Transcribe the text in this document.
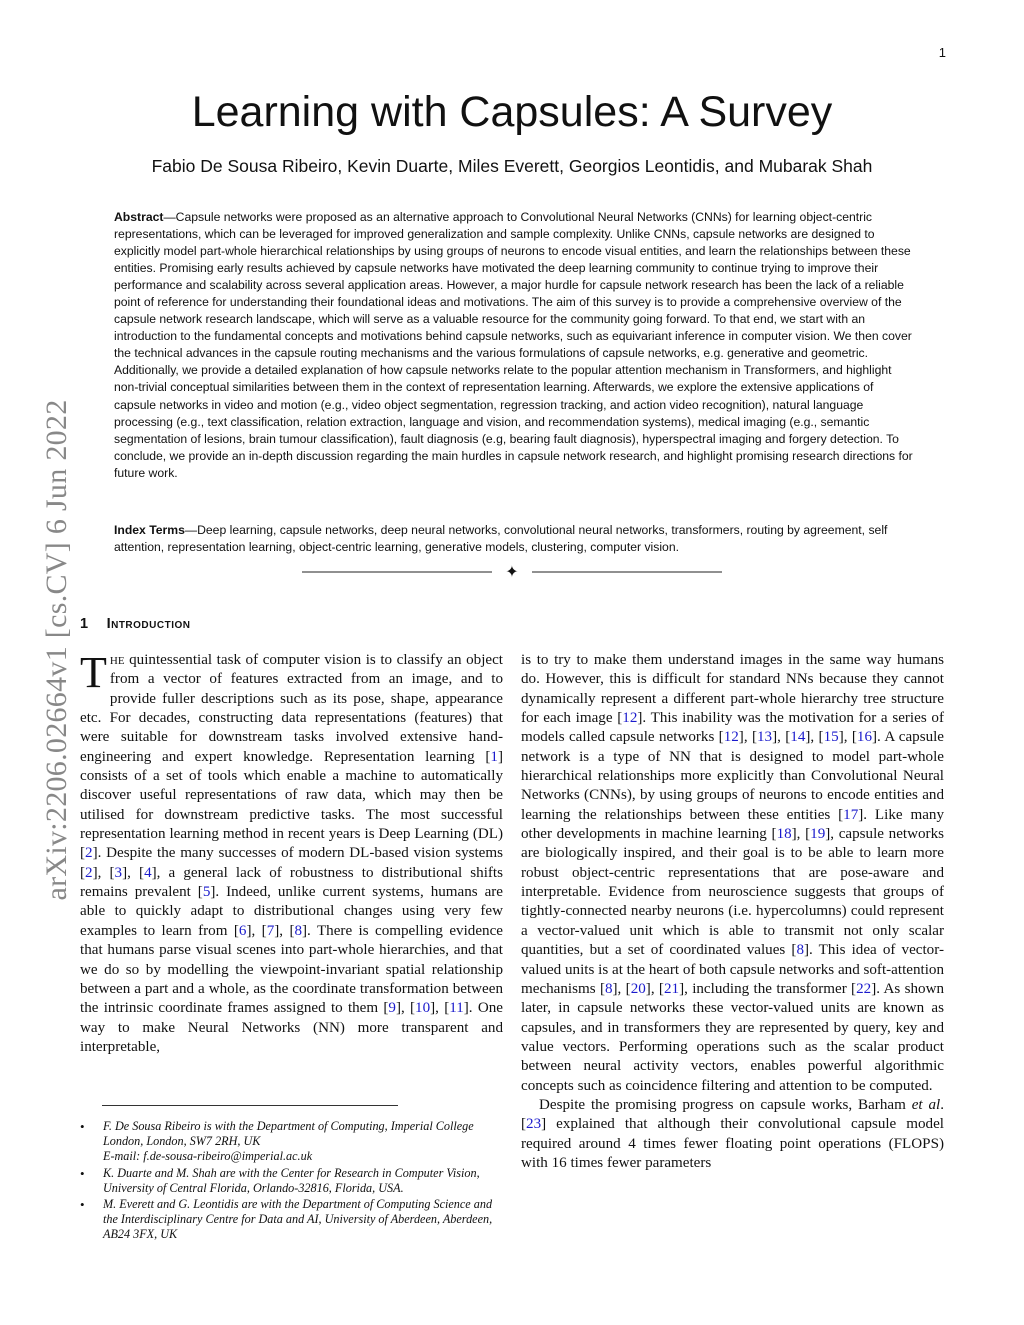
1
arXiv:2206.02664v1 [cs.CV] 6 Jun 2022
Learning with Capsules: A Survey
Fabio De Sousa Ribeiro, Kevin Duarte, Miles Everett, Georgios Leontidis, and Mubarak Shah

Abstract—Capsule networks were proposed as an alternative approach to Convolutional Neural Networks (CNNs) for learning object-centric representations, which can be leveraged for improved generalization and sample complexity. Unlike CNNs, capsule networks are designed to explicitly model part-whole hierarchical relationships by using groups of neurons to encode visual entities, and learn the relationships between these entities. Promising early results achieved by capsule networks have motivated the deep learning community to continue trying to improve their performance and scalability across several application areas. However, a major hurdle for capsule network research has been the lack of a reliable point of reference for understanding their foundational ideas and motivations. The aim of this survey is to provide a comprehensive overview of the capsule network research landscape, which will serve as a valuable resource for the community going forward. To that end, we start with an introduction to the fundamental concepts and motivations behind capsule networks, such as equivariant inference in computer vision. We then cover the technical advances in the capsule routing mechanisms and the various formulations of capsule networks, e.g. generative and geometric. Additionally, we provide a detailed explanation of how capsule networks relate to the popular attention mechanism in Transformers, and highlight non-trivial conceptual similarities between them in the context of representation learning. Afterwards, we explore the extensive applications of capsule networks in video and motion (e.g., video object segmentation, regression tracking, and action video recognition), natural language processing (e.g., text classification, relation extraction, language and vision, and recommendation systems), medical imaging (e.g., semantic segmentation of lesions, brain tumour classification), fault diagnosis (e.g, bearing fault diagnosis), hyperspectral imaging and forgery detection. To conclude, we provide an in-depth discussion regarding the main hurdles in capsule network research, and highlight promising research directions for future work.

Index Terms—Deep learning, capsule networks, deep neural networks, convolutional neural networks, transformers, routing by agreement, self attention, representation learning, object-centric learning, generative models, clustering, computer vision.

✦
1 Introduction

The quintessential task of computer vision is to classify an object from a vector of features extracted from an image, and to provide fuller descriptions such as its pose, shape, appearance etc. For decades, constructing data representations (features) that were suitable for downstream tasks involved extensive hand-engineering and expert knowledge. Representation learning [1] consists of a set of tools which enable a machine to automatically discover useful representations of raw data, which may then be utilised for downstream predictive tasks. The most successful representation learning method in recent years is Deep Learning (DL) [2]. Despite the many successes of modern DL-based vision systems [2], [3], [4], a general lack of robustness to distributional shifts remains prevalent [5]. Indeed, unlike current systems, humans are able to quickly adapt to distributional changes using very few examples to learn from [6], [7], [8]. There is compelling evidence that humans parse visual scenes into part-whole hierarchies, and that we do so by modelling the viewpoint-invariant spatial relationship between a part and a whole, as the coordinate transformation between the intrinsic coordinate frames assigned to them [9], [10], [11]. One way to make Neural Networks (NN) more transparent and interpretable,

is to try to make them understand images in the same way humans do. However, this is difficult for standard NNs because they cannot dynamically represent a different part-whole hierarchy tree structure for each image [12]. This inability was the motivation for a series of models called capsule networks [12], [13], [14], [15], [16]. A capsule network is a type of NN that is designed to model part-whole hierarchical relationships more explicitly than Convolutional Neural Networks (CNNs), by using groups of neurons to encode entities and learning the relationships between these entities [17]. Like many other developments in machine learning [18], [19], capsule networks are biologically inspired, and their goal is to be able to learn more robust object-centric representations that are pose-aware and interpretable. Evidence from neuroscience suggests that groups of tightly-connected nearby neurons (i.e. hypercolumns) could represent a vector-valued unit which is able to transmit not only scalar quantities, but a set of coordinated values [8]. This idea of vector-valued units is at the heart of both capsule networks and soft-attention mechanisms [8], [20], [21], including the transformer [22]. As shown later, in capsule networks these vector-valued units are known as capsules, and in transformers they are represented by query, key and value vectors. Performing operations such as the scalar product between neural activity vectors, enables powerful algorithmic concepts such as coincidence filtering and attention to be computed.

Despite the promising progress on capsule works, Barham et al. [23] explained that although their convolutional capsule model required around 4 times fewer floating point operations (FLOPS) with 16 times fewer parameters

• F. De Sousa Ribeiro is with the Department of Computing, Imperial College London, London, SW7 2RH, UK
E-mail: f.de-sousa-ribeiro@imperial.ac.uk
• K. Duarte and M. Shah are with the Center for Research in Computer Vision, University of Central Florida, Orlando-32816, Florida, USA.
• M. Everett and G. Leontidis are with the Department of Computing Science and the Interdisciplinary Centre for Data and AI, University of Aberdeen, Aberdeen, AB24 3FX, UK
